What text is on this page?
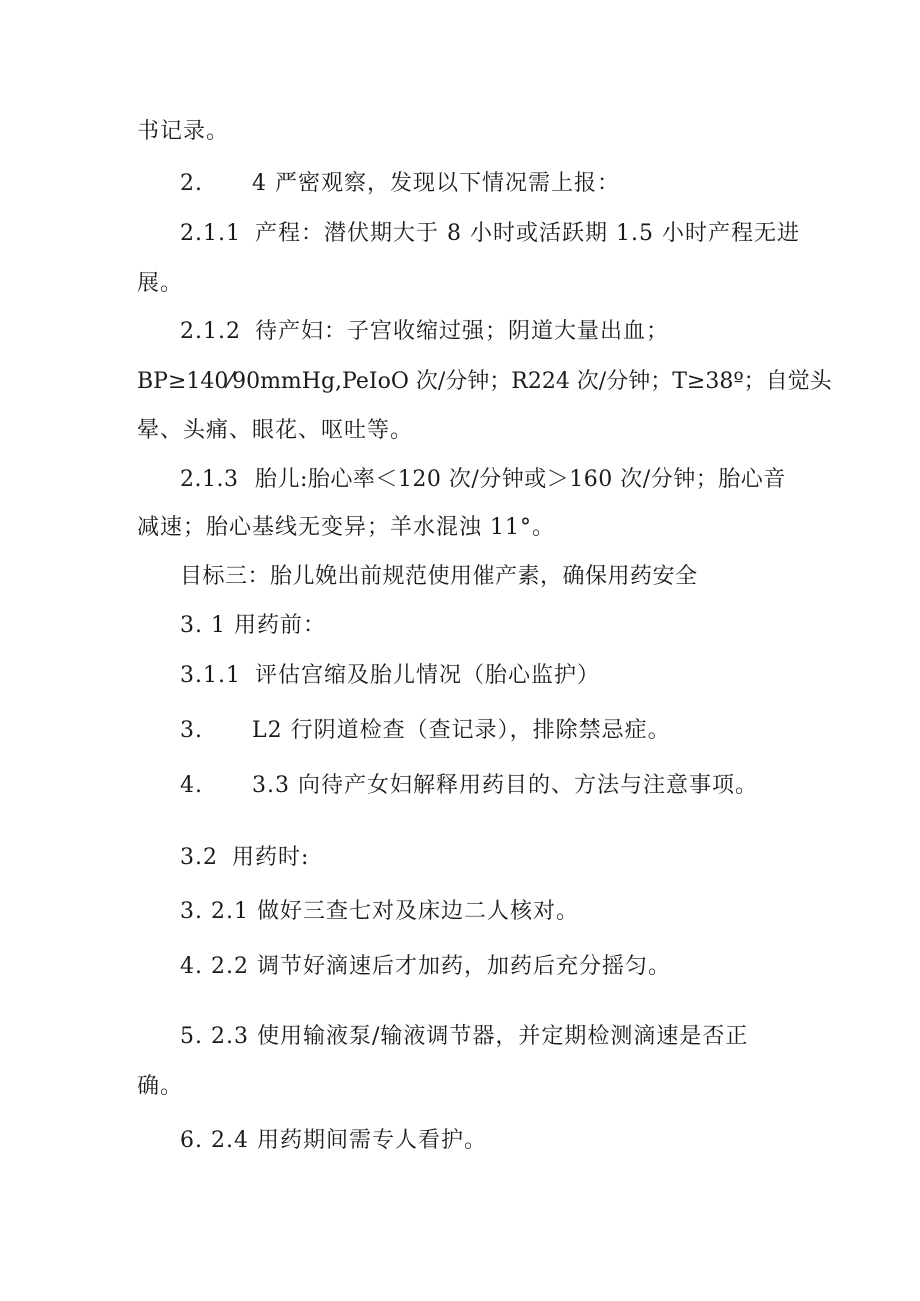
书记录。
2. 4 严密观察，发现以下情况需上报：
2.1.1 产程：潜伏期大于 8 小时或活跃期 1.5 小时产程无进
展。
2.1.2 待产妇：子宫收缩过强；阴道大量出血；
BP≥140⁄90mmHg,PeIoO 次/分钟；R224 次/分钟；T≥38º；自觉头
晕、头痛、眼花、呕吐等。
2.1.3 胎儿:胎心率＜120 次/分钟或＞160 次/分钟；胎心音
减速；胎心基线无变异；羊水混浊 11°。
目标三：胎儿娩出前规范使用催产素，确保用药安全
3. 1 用药前：
3.1.1 评估宫缩及胎儿情况（胎心监护）
3. L2 行阴道检查（查记录），排除禁忌症。
4. 3.3 向待产女妇解释用药目的、方法与注意事项。
3.2 用药时:
3. 2.1 做好三查七对及床边二人核对。
4. 2.2 调节好滴速后才加药，加药后充分摇匀。
5. 2.3 使用输液泵/输液调节器，并定期检测滴速是否正
确。
6. 2.4 用药期间需专人看护。
